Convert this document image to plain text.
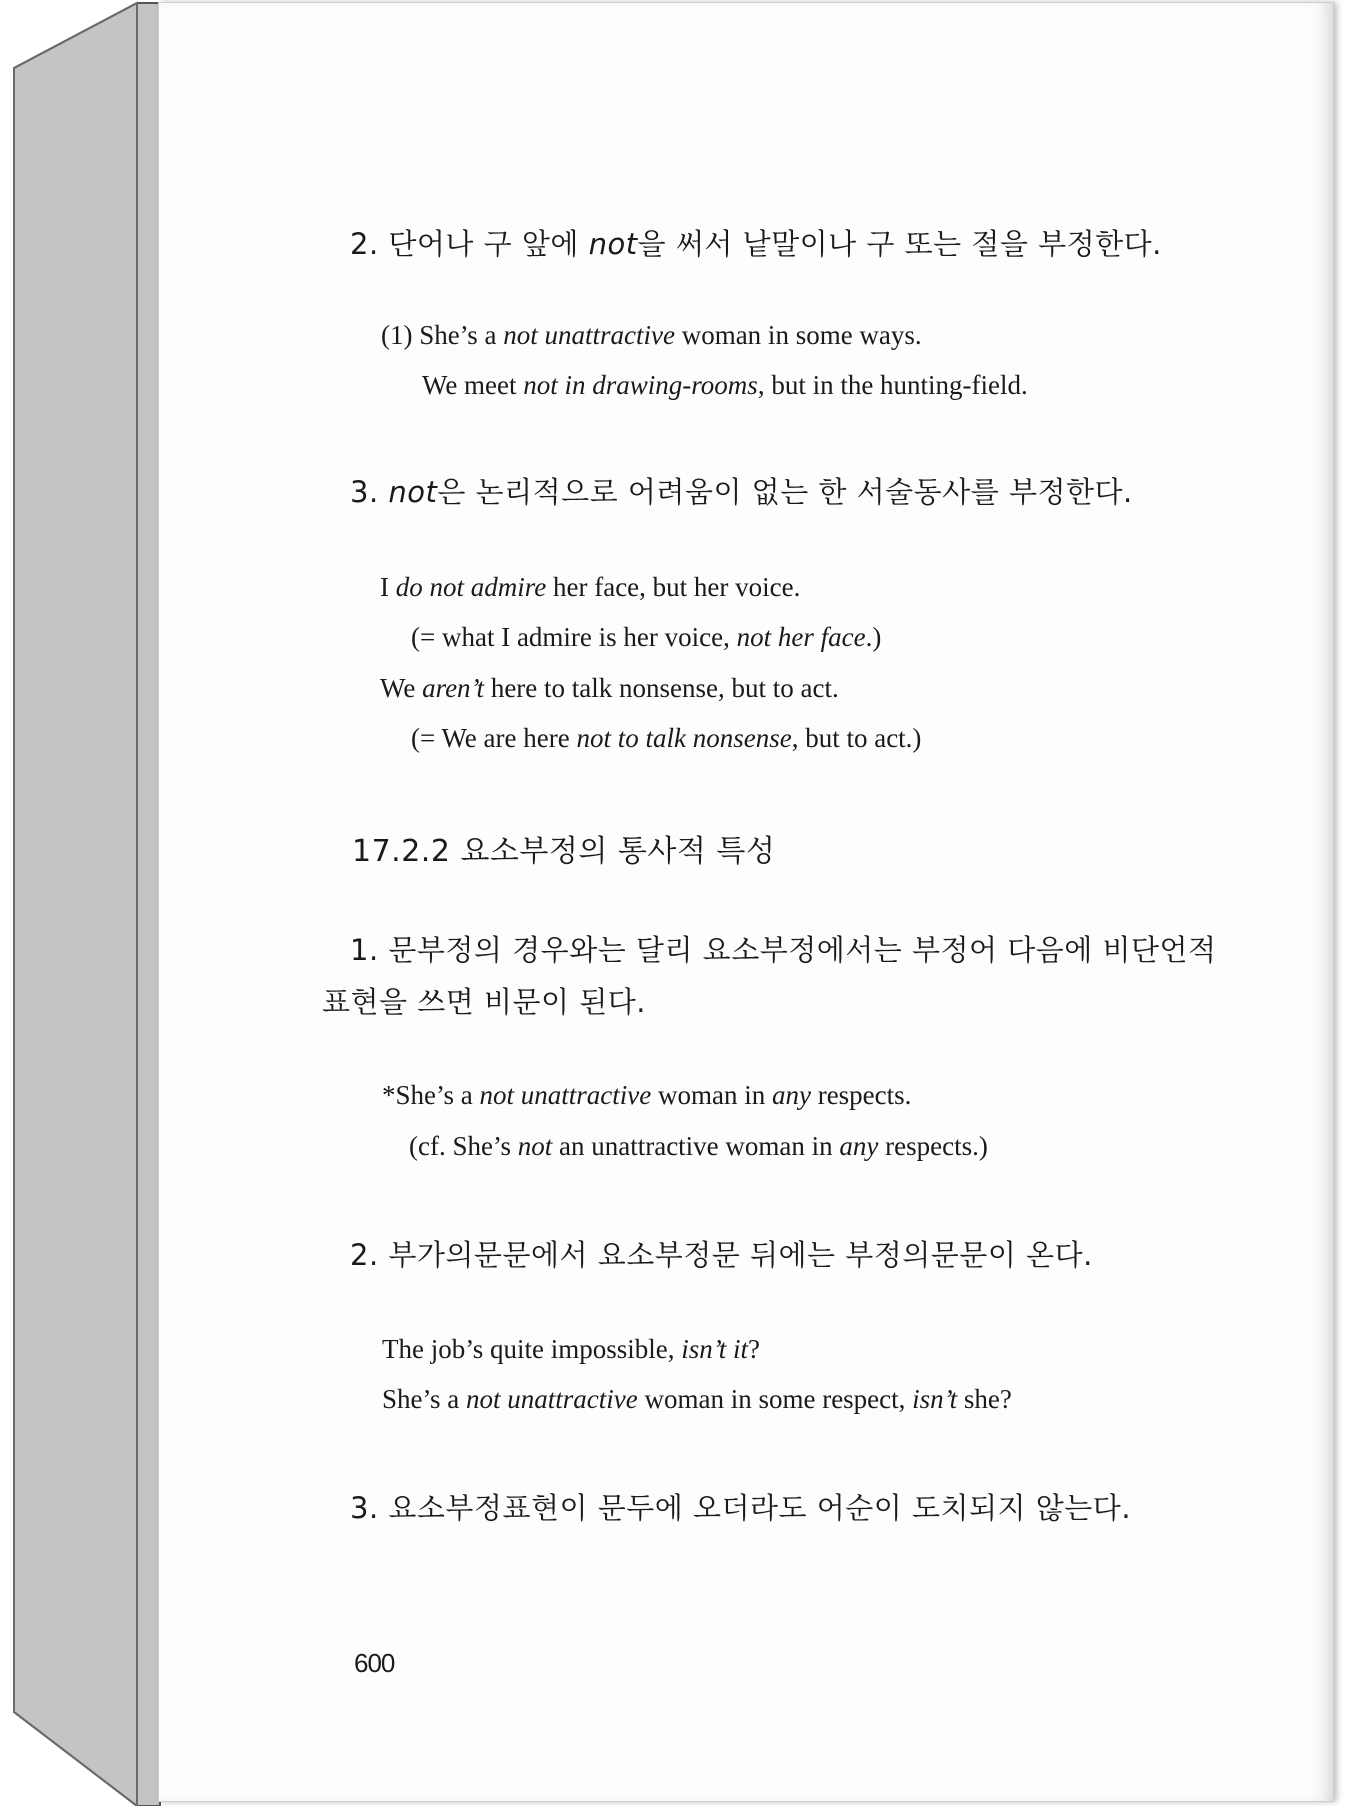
2. 단어나 구 앞에 not을 써서 낱말이나 구 또는 절을 부정한다.
(1) She’s a not unattractive woman in some ways.
We meet not in drawing-rooms, but in the hunting-field.
3. not은 논리적으로 어려움이 없는 한 서술동사를 부정한다.
I do not admire her face, but her voice.
(= what I admire is her voice, not her face.)
We aren’t here to talk nonsense, but to act.
(= We are here not to talk nonsense, but to act.)
17.2.2 요소부정의 통사적 특성
1. 문부정의 경우와는 달리 요소부정에서는 부정어 다음에 비단언적
표현을 쓰면 비문이 된다.
*She’s a not unattractive woman in any respects.
(cf. She’s not an unattractive woman in any respects.)
2. 부가의문문에서 요소부정문 뒤에는 부정의문문이 온다.
The job’s quite impossible, isn’t it?
She’s a not unattractive woman in some respect, isn’t she?
3. 요소부정표현이 문두에 오더라도 어순이 도치되지 않는다.
600
